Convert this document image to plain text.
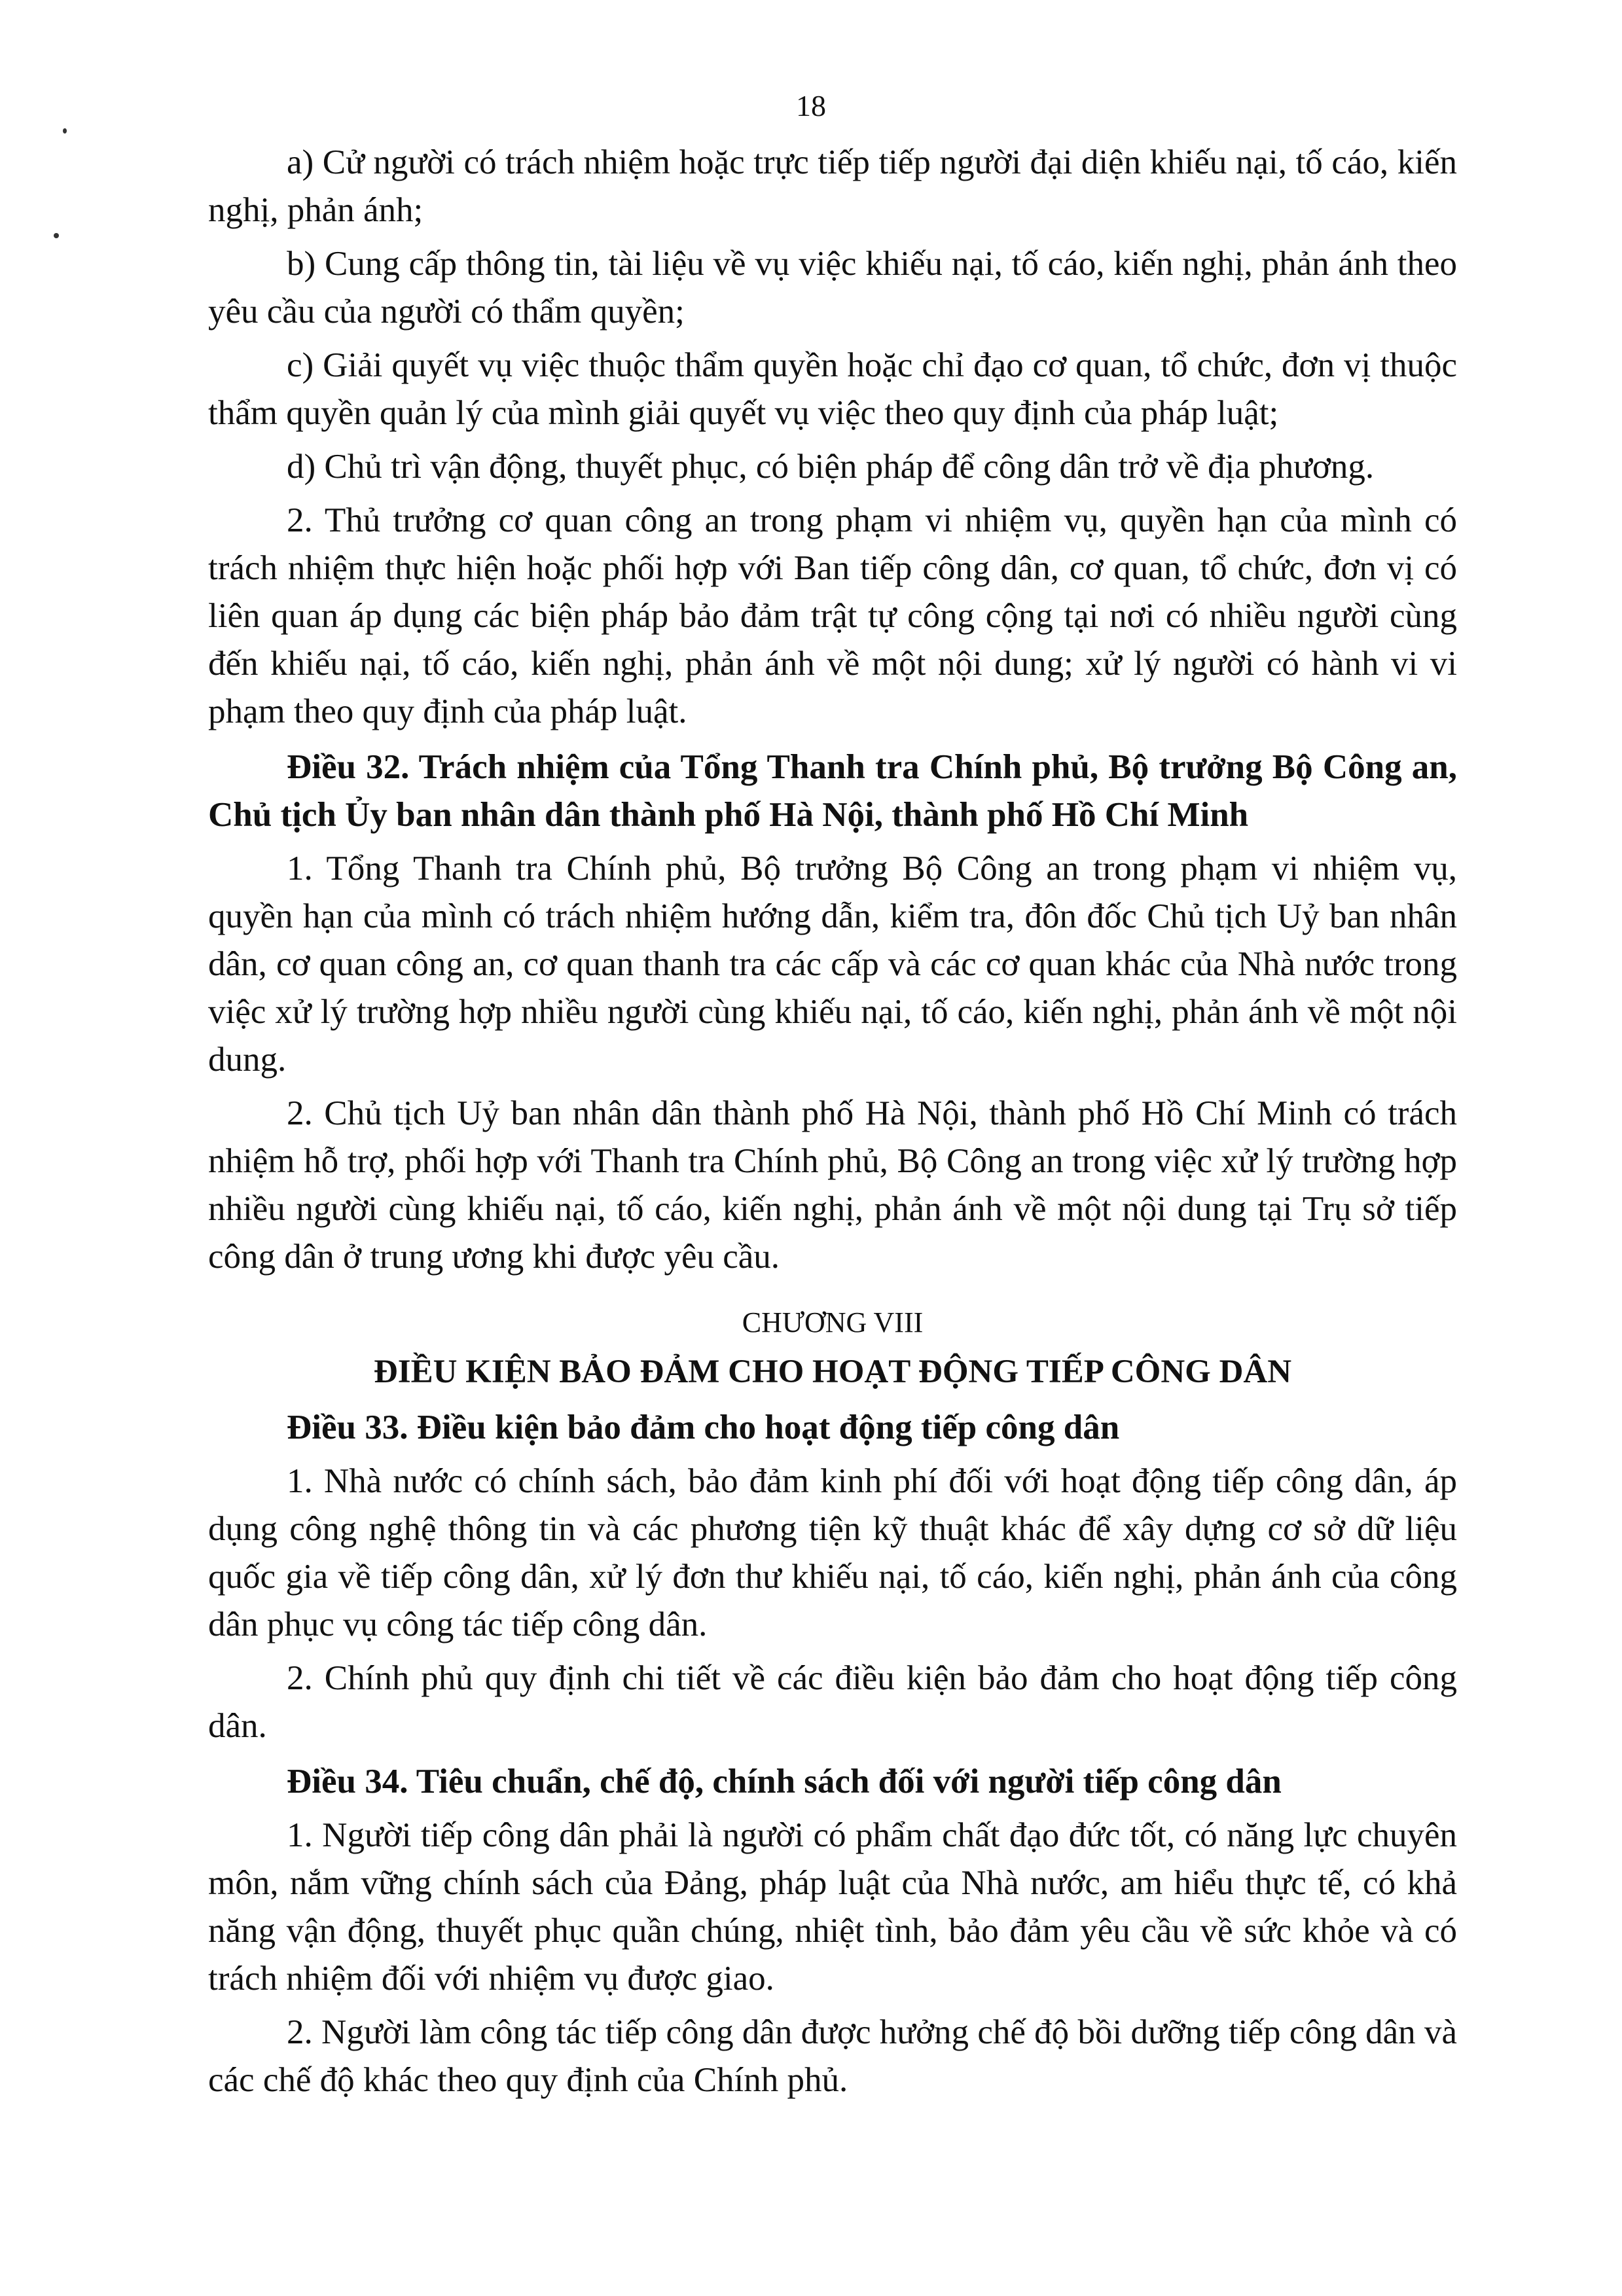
18

a) Cử người có trách nhiệm hoặc trực tiếp tiếp người đại diện khiếu nại, tố cáo, kiến nghị, phản ánh;

b) Cung cấp thông tin, tài liệu về vụ việc khiếu nại, tố cáo, kiến nghị, phản ánh theo yêu cầu của người có thẩm quyền;

c) Giải quyết vụ việc thuộc thẩm quyền hoặc chỉ đạo cơ quan, tổ chức, đơn vị thuộc thẩm quyền quản lý của mình giải quyết vụ việc theo quy định của pháp luật;

d) Chủ trì vận động, thuyết phục, có biện pháp để công dân trở về địa phương.

2. Thủ trưởng cơ quan công an trong phạm vi nhiệm vụ, quyền hạn của mình có trách nhiệm thực hiện hoặc phối hợp với Ban tiếp công dân, cơ quan, tổ chức, đơn vị có liên quan áp dụng các biện pháp bảo đảm trật tự công cộng tại nơi có nhiều người cùng đến khiếu nại, tố cáo, kiến nghị, phản ánh về một nội dung; xử lý người có hành vi vi phạm theo quy định của pháp luật.

Điều 32. Trách nhiệm của Tổng Thanh tra Chính phủ, Bộ trưởng Bộ Công an, Chủ tịch Ủy ban nhân dân thành phố Hà Nội, thành phố Hồ Chí Minh

1. Tổng Thanh tra Chính phủ, Bộ trưởng Bộ Công an trong phạm vi nhiệm vụ, quyền hạn của mình có trách nhiệm hướng dẫn, kiểm tra, đôn đốc Chủ tịch Uỷ ban nhân dân, cơ quan công an, cơ quan thanh tra các cấp và các cơ quan khác của Nhà nước trong việc xử lý trường hợp nhiều người cùng khiếu nại, tố cáo, kiến nghị, phản ánh về một nội dung.

2. Chủ tịch Uỷ ban nhân dân thành phố Hà Nội, thành phố Hồ Chí Minh có trách nhiệm hỗ trợ, phối hợp với Thanh tra Chính phủ, Bộ Công an trong việc xử lý trường hợp nhiều người cùng khiếu nại, tố cáo, kiến nghị, phản ánh về một nội dung tại Trụ sở tiếp công dân ở trung ương khi được yêu cầu.

CHƯƠNG VIII
ĐIỀU KIỆN BẢO ĐẢM CHO HOẠT ĐỘNG TIẾP CÔNG DÂN

Điều 33. Điều kiện bảo đảm cho hoạt động tiếp công dân

1. Nhà nước có chính sách, bảo đảm kinh phí đối với hoạt động tiếp công dân, áp dụng công nghệ thông tin và các phương tiện kỹ thuật khác để xây dựng cơ sở dữ liệu quốc gia về tiếp công dân, xử lý đơn thư khiếu nại, tố cáo, kiến nghị, phản ánh của công dân phục vụ công tác tiếp công dân.

2. Chính phủ quy định chi tiết về các điều kiện bảo đảm cho hoạt động tiếp công dân.

Điều 34. Tiêu chuẩn, chế độ, chính sách đối với người tiếp công dân

1. Người tiếp công dân phải là người có phẩm chất đạo đức tốt, có năng lực chuyên môn, nắm vững chính sách của Đảng, pháp luật của Nhà nước, am hiểu thực tế, có khả năng vận động, thuyết phục quần chúng, nhiệt tình, bảo đảm yêu cầu về sức khỏe và có trách nhiệm đối với nhiệm vụ được giao.

2. Người làm công tác tiếp công dân được hưởng chế độ bồi dưỡng tiếp công dân và các chế độ khác theo quy định của Chính phủ.
